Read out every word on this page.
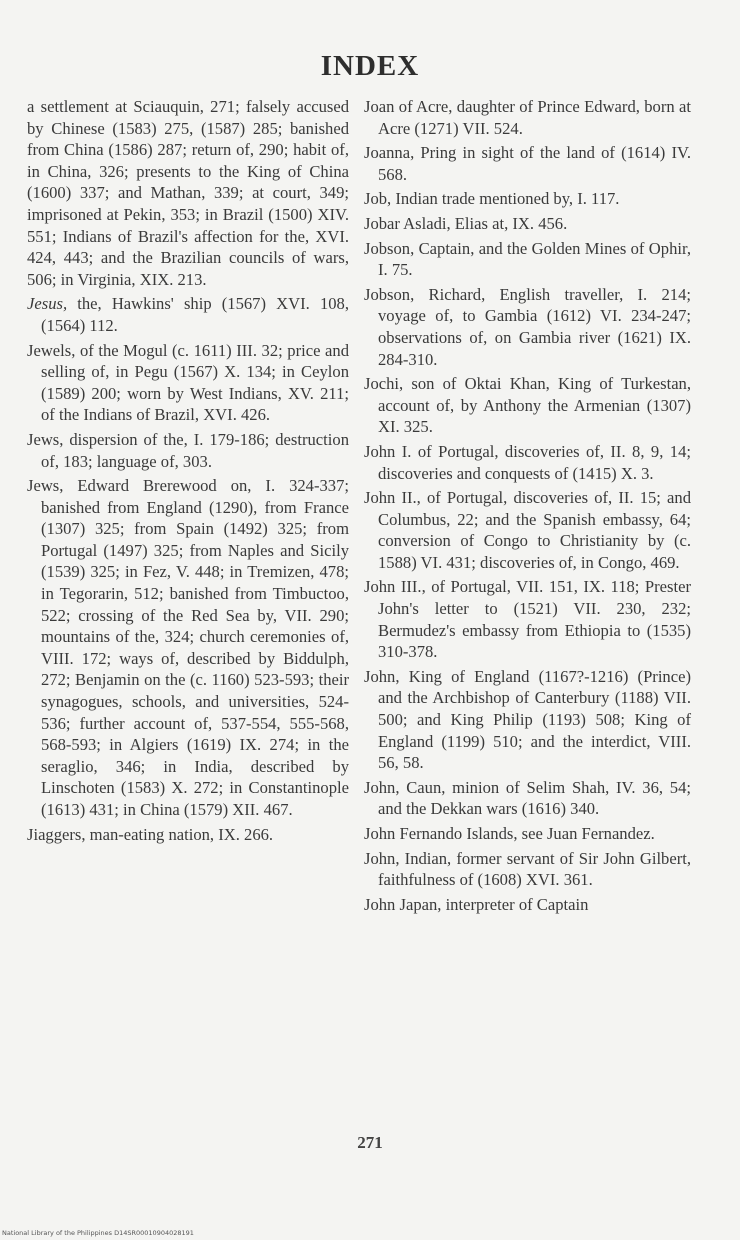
INDEX

a settlement at Sciauquin, 271; falsely accused by Chinese (1583) 275, (1587) 285; banished from China (1586) 287; return of, 290; habit of, in China, 326; presents to the King of China (1600) 337; and Mathan, 339; at court, 349; imprisoned at Pekin, 353; in Brazil (1500) XIV. 551; Indians of Brazil's affection for the, XVI. 424, 443; and the Brazilian councils of wars, 506; in Virginia, XIX. 213.

Jesus, the, Hawkins' ship (1567) XVI. 108, (1564) 112.

Jewels, of the Mogul (c. 1611) III. 32; price and selling of, in Pegu (1567) X. 134; in Ceylon (1589) 200; worn by West Indians, XV. 211; of the Indians of Brazil, XVI. 426.

Jews, dispersion of the, I. 179-186; destruction of, 183; language of, 303.

Jews, Edward Brerewood on, I. 324-337; banished from England (1290), from France (1307) 325; from Spain (1492) 325; from Portugal (1497) 325; from Naples and Sicily (1539) 325; in Fez, V. 448; in Tremizen, 478; in Tegorarin, 512; banished from Timbuctoo, 522; crossing of the Red Sea by, VII. 290; mountains of the, 324; church ceremonies of, VIII. 172; ways of, described by Biddulph, 272; Benjamin on the (c. 1160) 523-593; their synagogues, schools, and universities, 524-536; further account of, 537-554, 555-568, 568-593; in Algiers (1619) IX. 274; in the seraglio, 346; in India, described by Linschoten (1583) X. 272; in Constantinople (1613) 431; in China (1579) XII. 467.

Jiaggers, man-eating nation, IX. 266.

Joan of Acre, daughter of Prince Edward, born at Acre (1271) VII. 524.

Joanna, Pring in sight of the land of (1614) IV. 568.

Job, Indian trade mentioned by, I. 117.

Jobar Asladi, Elias at, IX. 456.

Jobson, Captain, and the Golden Mines of Ophir, I. 75.

Jobson, Richard, English traveller, I. 214; voyage of, to Gambia (1612) VI. 234-247; observations of, on Gambia river (1621) IX. 284-310.

Jochi, son of Oktai Khan, King of Turkestan, account of, by Anthony the Armenian (1307) XI. 325.

John I. of Portugal, discoveries of, II. 8, 9, 14; discoveries and conquests of (1415) X. 3.

John II., of Portugal, discoveries of, II. 15; and Columbus, 22; and the Spanish embassy, 64; conversion of Congo to Christianity by (c. 1588) VI. 431; discoveries of, in Congo, 469.

John III., of Portugal, VII. 151, IX. 118; Prester John's letter to (1521) VII. 230, 232; Bermudez's embassy from Ethiopia to (1535) 310-378.

John, King of England (1167?-1216) (Prince) and the Archbishop of Canterbury (1188) VII. 500; and King Philip (1193) 508; King of England (1199) 510; and the interdict, VIII. 56, 58.

John, Caun, minion of Selim Shah, IV. 36, 54; and the Dekkan wars (1616) 340.

John Fernando Islands, see Juan Fernandez.

John, Indian, former servant of Sir John Gilbert, faithfulness of (1608) XVI. 361.

John Japan, interpreter of Captain

271
National Library of the Philippines D14SR00010904028191
